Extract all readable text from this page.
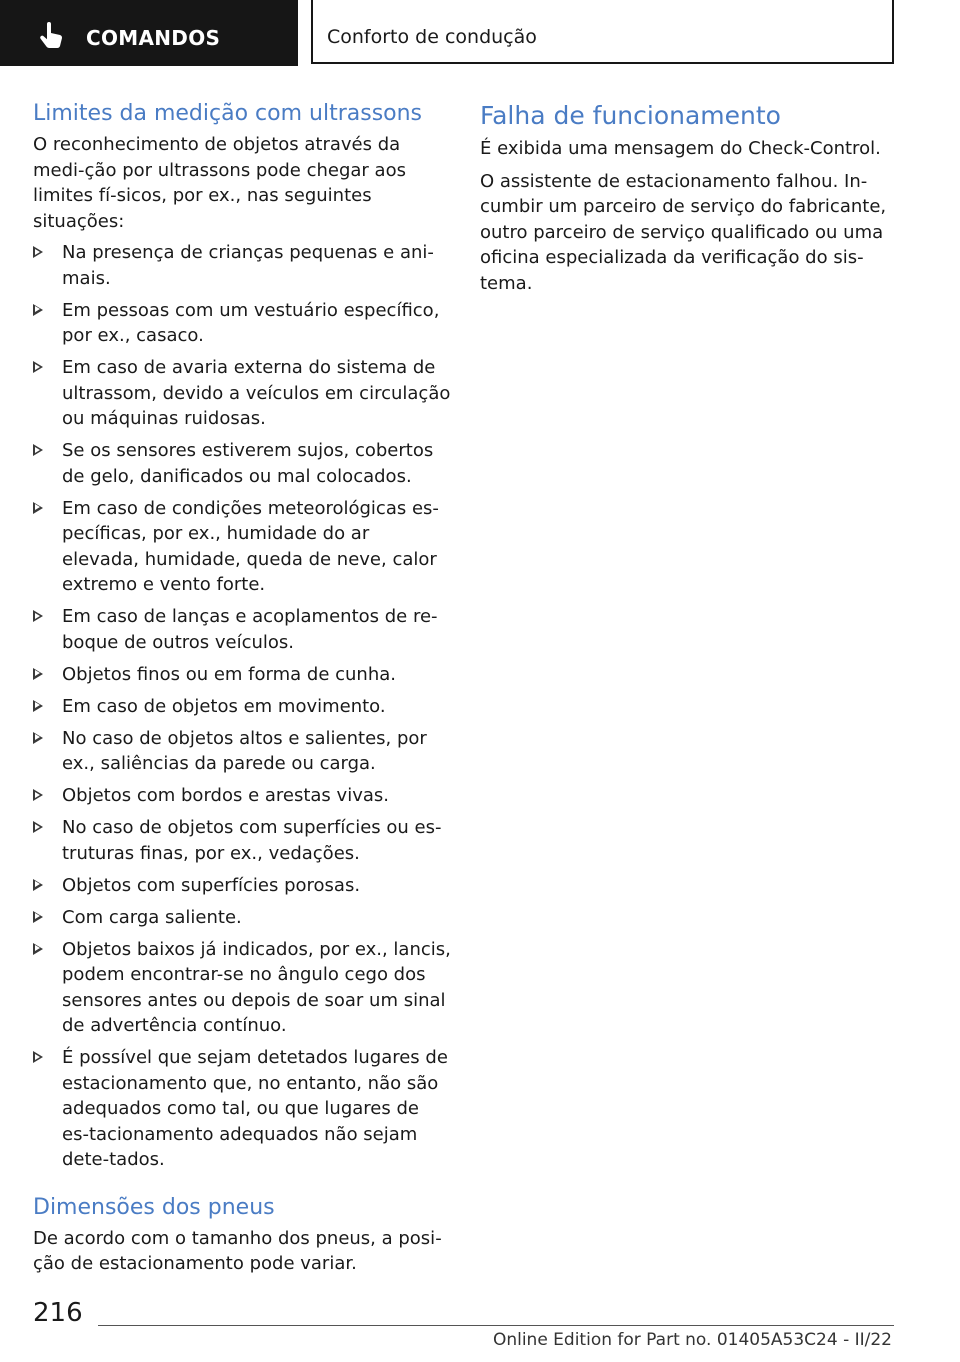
COMANDOS	Conforto de condução
Limites da medição com ultrassons

O reconhecimento de objetos através da medi-ção por ultrassons pode chegar aos limites fí-sicos, por ex., nas seguintes situações:

Na presença de crianças pequenas e ani-mais.
Em pessoas com um vestuário específico, por ex., casaco.
Em caso de avaria externa do sistema de ultrassom, devido a veículos em circulação ou máquinas ruidosas.
Se os sensores estiverem sujos, cobertos de gelo, danificados ou mal colocados.
Em caso de condições meteorológicas es-pecíficas, por ex., humidade do ar elevada, humidade, queda de neve, calor extremo e vento forte.
Em caso de lanças e acoplamentos de re-boque de outros veículos.
Objetos finos ou em forma de cunha.
Em caso de objetos em movimento.
No caso de objetos altos e salientes, por ex., saliências da parede ou carga.
Objetos com bordos e arestas vivas.
No caso de objetos com superfícies ou es-truturas finas, por ex., vedações.
Objetos com superfícies porosas.
Com carga saliente.
Objetos baixos já indicados, por ex., lancis, podem encontrar-se no ângulo cego dos sensores antes ou depois de soar um sinal de advertência contínuo.
É possível que sejam detetados lugares de estacionamento que, no entanto, não são adequados como tal, ou que lugares de es-tacionamento adequados não sejam dete-tados.
Dimensões dos pneus

De acordo com o tamanho dos pneus, a posi-ção de estacionamento pode variar.

Falha de funcionamento

É exibida uma mensagem do Check-Control.

O assistente de estacionamento falhou. In-cumbir um parceiro de serviço do fabricante, outro parceiro de serviço qualificado ou uma oficina especializada da verificação do sis-tema.

216
Online Edition for Part no. 01405A53C24 - II/22
